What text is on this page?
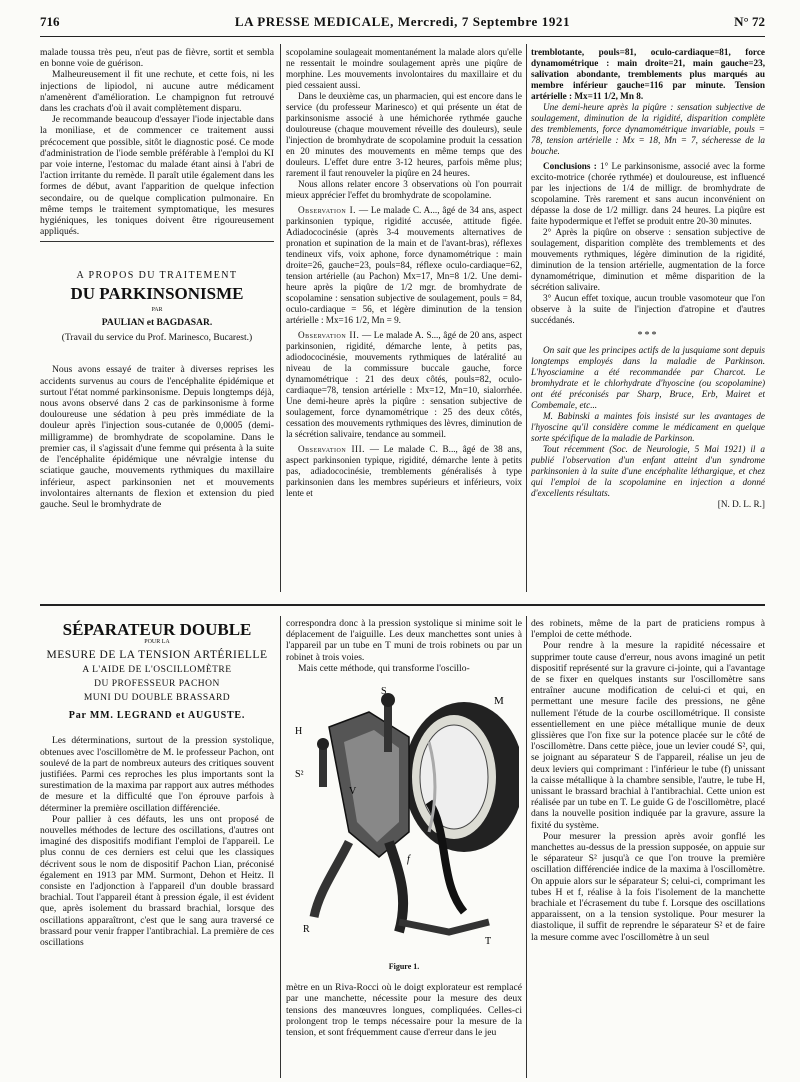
716	LA PRESSE MEDICALE, Mercredi, 7 Septembre 1921	N° 72

malade toussa très peu, n'eut pas de fièvre, sortit et sembla en bonne voie de guérison.

Malheureusement il fit une rechute, et cette fois, ni les injections de lipiodol, ni aucune autre médicament n'amenèrent d'amélioration. Le champignon fut retrouvé dans les crachats d'où il avait complètement disparu.

Je recommande beaucoup d'essayer l'iode injectable dans la moniliase, et de commencer ce traitement aussi précocement que possible, sitôt le diagnostic posé. Ce mode d'administration de l'iode semble préférable à l'emploi du KI par voie interne, l'estomac du malade étant ainsi à l'abri de l'action irritante du remède. Il paraît utile également dans les formes de début, avant l'apparition de quelque infection secondaire, ou de quelque complication pulmonaire. En même temps le traitement symptomatique, les mesures hygiéniques, les toniques doivent être rigoureusement appliqués.

A PROPOS DU TRAITEMENT
DU PARKINSONISME
PAR
PAULIAN et BAGDASAR.
(Travail du service du Prof. Marinesco, Bucarest.)

Nous avons essayé de traiter à diverses reprises les accidents survenus au cours de l'encéphalite épidémique et surtout l'état nommé parkinsonisme. Depuis longtemps déjà, nous avons observé dans 2 cas de parkinsonisme à forme douloureuse une sédation à peu près immédiate de la douleur après l'injection sous-cutanée de 0,0005 (demi-milligramme) de bromhydrate de scopolamine. Dans le premier cas, il s'agissait d'une femme qui présenta à la suite de l'encéphalite épidémique une névralgie intense du sciatique gauche, mouvements rythmiques du maxillaire inférieur, aspect parkinsonien net et mouvements involontaires alternants de flexion et extension du pied gauche. Seul le bromhydrate de

scopolamine soulageait momentanément la malade alors qu'elle ne ressentait le moindre soulagement après une piqûre de morphine. Les mouvements involontaires du maxillaire et du pied cessaient aussi.

Dans le deuxième cas, un pharmacien, qui est encore dans le service (du professeur Marinesco) et qui présente un état de parkinsonisme associé à une hémichorée rythmée gauche douloureuse (chaque mouvement réveille des douleurs), seule l'injection de bromhydrate de scopolamine produit la cessation en 20 minutes des mouvements en même temps que des douleurs. L'effet dure entre 3-12 heures, parfois même plus; rarement il faut renouveler la piqûre en 24 heures.

Nous allons relater encore 3 observations où l'on pourrait mieux apprécier l'effet du bromhydrate de scopolamine.

Observation I. — Le malade C. A..., âgé de 34 ans, aspect parkinsonien typique, rigidité accusée, attitude figée. Adiadococinésie (après 3-4 mouvements alternatives de pronation et supination de la main et de l'avant-bras), réflexes tendineux vifs, voix aphone, force dynamométrique : main droite=26, gauche=23, pouls=84, réflexe oculo-cardiaque=62, tension artérielle (au Pachon) Mx=17, Mn=8 1/2. Une demi-heure après la piqûre de 1/2 mgr. de bromhydrate de scopolamine : sensation subjective de soulagement, pouls = 84, oculo-cardiaque = 56, et légère diminution de la tension artérielle : Mx=16 1/2, Mn = 9.

Observation II. — Le malade A. S..., âgé de 20 ans, aspect parkinsonien, rigidité, démarche lente, à petits pas, adiodococinésie, mouvements rythmiques de latéralité au niveau de la commissure buccale gauche, force dynamométrique : 21 des deux côtés, pouls=82, oculo-cardiaque=78, tension artérielle : Mx=12, Mn=10, sialorrhée. Une demi-heure après la piqûre : sensation subjective de soulagement, force dynamométrique : 25 des deux côtés, cessation des mouvements rythmiques des lèvres, diminution de la sécrétion salivaire, tendance au sommeil.

Observation III. — Le malade C. B..., âgé de 38 ans, aspect parkinsonien typique, rigidité, démarche lente à petits pas, adiadococinésie, tremblements généralisés à type parkinsonien dans les membres supérieurs et inférieurs, voix lente et

tremblotante, pouls=81, oculo-cardiaque=81, force dynamométrique : main droite=21, main gauche=23, salivation abondante, tremblements plus marqués au membre inférieur gauche=116 par minute. Tension artérielle : Mx=11 1/2, Mn 8.

Une demi-heure après la piqûre : sensation subjective de soulagement, diminution de la rigidité, disparition complète des tremblements, force dynamométrique invariable, pouls = 78, tension artérielle : Mx = 18, Mn = 7, sécheresse de la bouche.

Conclusions : 1° Le parkinsonisme, associé avec la forme excito-motrice (chorée rythmée) et douloureuse, est influencé par les injections de 1/4 de milligr. de bromhydrate de scopolamine. Très rarement et sans aucun inconvénient on dépasse la dose de 1/2 milligr. dans 24 heures. La piqûre est faite hypodermique et l'effet se produit entre 20-30 minutes.

2° Après la piqûre on observe : sensation subjective de soulagement, disparition complète des tremblements et des mouvements rythmiques, légère diminution de la rigidité, diminution de la tension artérielle, augmentation de la force dynamométrique, diminution et même disparition de la sécrétion salivaire.

3° Aucun effet toxique, aucun trouble vasomoteur que l'on observe à la suite de l'injection d'atropine et d'autres succédanés.

***

On sait que les principes actifs de la jusquiame sont depuis longtemps employés dans la maladie de Parkinson. L'hyosciamine a été recommandée par Charcot. Le bromhydrate et le chlorhydrate d'hyoscine (ou scopolamine) ont été préconisés par Sharp, Bruce, Erb, Mairet et Combemale, etc...

M. Babinski a maintes fois insisté sur les avantages de l'hyoscine qu'il considère comme le médicament en quelque sorte spécifique de la maladie de Parkinson.

Tout récemment (Soc. de Neurologie, 5 Mai 1921) il a publié l'observation d'un enfant atteint d'un syndrome parkinsonien à la suite d'une encéphalite léthargique, et chez qui l'emploi de la scopolamine en injection a donné d'excellents résultats.

[N. D. L. R.]

SÉPARATEUR DOUBLE
POUR LA
MESURE DE LA TENSION ARTÉRIELLE
A L'AIDE DE L'OSCILLOMÈTRE
DU PROFESSEUR PACHON
MUNI DU DOUBLE BRASSARD
Par MM. LEGRAND et AUGUSTE.

Les déterminations, surtout de la pression systolique, obtenues avec l'oscillomètre de M. le professeur Pachon, ont soulevé de la part de nombreux auteurs des critiques souvent justifiées. Parmi ces reproches les plus importants sont la surestimation de la maxima par rapport aux autres méthodes de mesure et la difficulté que l'on éprouve parfois à déterminer la première oscillation différenciée.

Pour pallier à ces défauts, les uns ont proposé de nouvelles méthodes de lecture des oscillations, d'autres ont imaginé des dispositifs modifiant l'emploi de l'appareil. Le plus connu de ces derniers est celui que les classiques décrivent sous le nom de dispositif Pachon Lian, préconisé également en 1913 par MM. Surmont, Dehon et Heitz. Il consiste en l'adjonction à l'appareil d'un double brassard brachial. Tout l'appareil étant à pression égale, il est évident que, après isolement du brassard brachial, lorsque des oscillations apparaîtront, c'est que le sang aura traversé ce brassard pour venir frapper l'antibrachial. La première de ces oscillations

correspondra donc à la pression systolique si minime soit le déplacement de l'aiguille. Les deux manchettes sont unies à l'appareil par un tube en T muni de trois robinets ou par un robinet à trois voies.

Mais cette méthode, qui transforme l'oscillo-

H
S
M
S²
V
f
R
T
Figure 1.

mètre en un Riva-Rocci où le doigt explorateur est remplacé par une manchette, nécessite pour la mesure des deux tensions des manœuvres longues, compliquées. Celles-ci prolongent trop le temps nécessaire pour la mesure de la tension, et sont fréquemment cause d'erreur dans le jeu

des robinets, même de la part de praticiens rompus à l'emploi de cette méthode.

Pour rendre à la mesure la rapidité nécessaire et supprimer toute cause d'erreur, nous avons imaginé un petit dispositif représenté sur la gravure ci-jointe, qui a l'avantage de se fixer en quelques instants sur l'oscillomètre sans entraîner aucune modification de celui-ci et qui, en permettant une mesure facile des pressions, ne gêne nullement l'étude de la courbe oscillométrique. Il consiste essentiellement en une pièce métallique munie de deux glissières que l'on fixe sur la potence placée sur le côté de l'oscillomètre. Dans cette pièce, joue un levier coudé S², qui, se joignant au séparateur S de l'appareil, réalise un jeu de deux leviers qui comprimant : l'inférieur le tube (f) unissant la caisse métallique à la chambre sensible, l'autre, le tube H, unissant le brassard brachial à l'antibrachial. Cette union est réalisée par un tube en T. Le guide G de l'oscillomètre, placé dans la nouvelle position indiquée par la gravure, assure la fixité du système.

Pour mesurer la pression après avoir gonflé les manchettes au-dessus de la pression supposée, on appuie sur le séparateur S² jusqu'à ce que l'on trouve la première oscillation différenciée indice de la maxima à l'oscillomètre. On appuie alors sur le séparateur S; celui-ci, comprimant les tubes H et f, réalise à la fois l'isolement de la manchette brachiale et l'écrasement du tube f. Lorsque des oscillations apparaissent, on a la tension systolique. Pour mesurer la diastolique, il suffit de reprendre le séparateur S² et de faire la mesure comme avec l'oscillomètre à un seul
